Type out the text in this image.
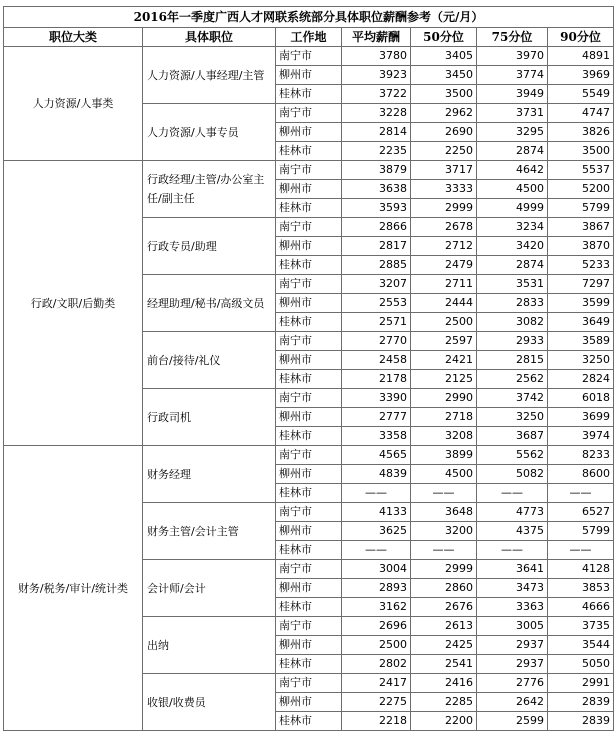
2016年一季度广西人才网联系统部分具体职位薪酬参考（元/月）						
职位大类	具体职位	工作地	平均薪酬	50分位	75分位	90分位
人力资源/人事类	人力资源/人事经理/主管	南宁市	3780	3405	3970	4891
		柳州市	3923	3450	3774	3969
		桂林市	3722	3500	3949	5549
	人力资源/人事专员	南宁市	3228	2962	3731	4747
		柳州市	2814	2690	3295	3826
		桂林市	2235	2250	2874	3500
行政/文职/后勤类	行政经理/主管/办公室主任/副主任	南宁市	3879	3717	4642	5537
		柳州市	3638	3333	4500	5200
		桂林市	3593	2999	4999	5799
	行政专员/助理	南宁市	2866	2678	3234	3867
		柳州市	2817	2712	3420	3870
		桂林市	2885	2479	2874	5233
	经理助理/秘书/高级文员	南宁市	3207	2711	3531	7297
		柳州市	2553	2444	2833	3599
		桂林市	2571	2500	3082	3649
	前台/接待/礼仪	南宁市	2770	2597	2933	3589
		柳州市	2458	2421	2815	3250
		桂林市	2178	2125	2562	2824
	行政司机	南宁市	3390	2990	3742	6018
		柳州市	2777	2718	3250	3699
		桂林市	3358	3208	3687	3974
财务/税务/审计/统计类	财务经理	南宁市	4565	3899	5562	8233
		柳州市	4839	4500	5082	8600
		桂林市	——	——	——	——
	财务主管/会计主管	南宁市	4133	3648	4773	6527
		柳州市	3625	3200	4375	5799
		桂林市	——	——	——	——
	会计师/会计	南宁市	3004	2999	3641	4128
		柳州市	2893	2860	3473	3853
		桂林市	3162	2676	3363	4666
	出纳	南宁市	2696	2613	3005	3735
		柳州市	2500	2425	2937	3544
		桂林市	2802	2541	2937	5050
	收银/收费员	南宁市	2417	2416	2776	2991
		柳州市	2275	2285	2642	2839
		桂林市	2218	2200	2599	2839
